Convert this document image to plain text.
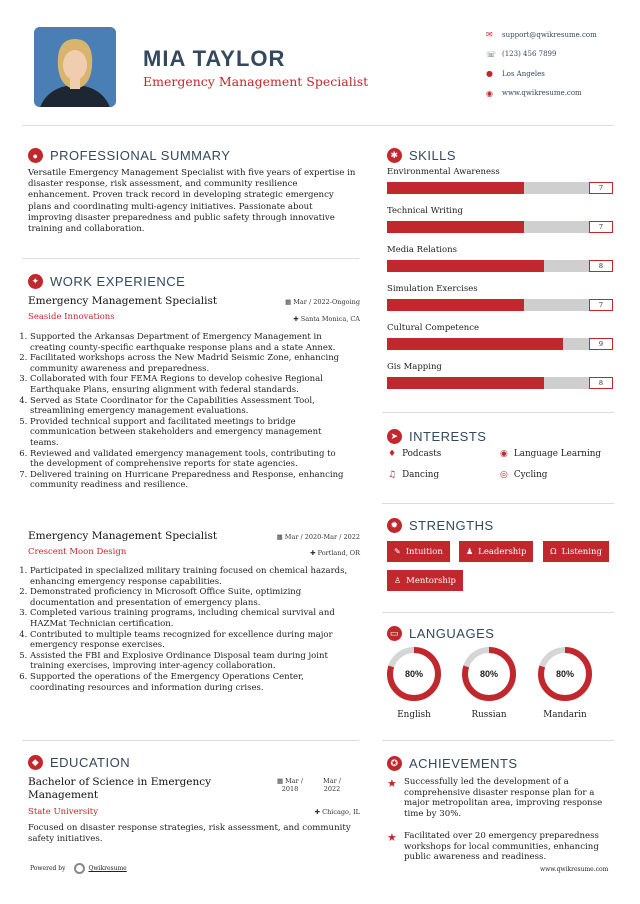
MIA TAYLOR
Emergency Management Specialist
✉	support@qwikresume.com
☏ (123) 456 7899
●	Los Angeles
◉	www.qwikresume.com
● PROFESSIONAL SUMMARY
Versatile Emergency Management Specialist with five years of expertise in
disaster response, risk assessment, and community resilience
enhancement. Proven track record in developing strategic emergency
plans and coordinating multi-agency initiatives. Passionate about
improving disaster preparedness and public safety through innovative
training and collaboration.
✦ WORK EXPERIENCE
Emergency Management Specialist
Seaside Innovations
▦ Mar / 2022-Ongoing
✚ Santa Monica, CA
1. Supported the Arkansas Department of Emergency Management in
creating county-specific earthquake response plans and a state Annex.
2. Facilitated workshops across the New Madrid Seismic Zone, enhancing
community awareness and preparedness.
3. Collaborated with four FEMA Regions to develop cohesive Regional
Earthquake Plans, ensuring alignment with federal standards.
4. Served as State Coordinator for the Capabilities Assessment Tool,
streamlining emergency management evaluations.
5. Provided technical support and facilitated meetings to bridge
communication between stakeholders and emergency management
teams.
6. Reviewed and validated emergency management tools, contributing to
the development of comprehensive reports for state agencies.
7. Delivered training on Hurricane Preparedness and Response, enhancing
community readiness and resilience.
Emergency Management Specialist
Crescent Moon Design
▦ Mar / 2020-Mar / 2022
✚ Portland, OR
1. Participated in specialized military training focused on chemical hazards,
enhancing emergency response capabilities.
2. Demonstrated proficiency in Microsoft Office Suite, optimizing
documentation and presentation of emergency plans.
3. Completed various training programs, including chemical survival and
HAZMat Technician certification.
4. Contributed to multiple teams recognized for excellence during major
emergency response exercises.
5. Assisted the FBI and Explosive Ordinance Disposal team during joint
training exercises, improving inter-agency collaboration.
6. Supported the operations of the Emergency Operations Center,
coordinating resources and information during crises.
◆ EDUCATION
Bachelor of Science in Emergency
Management
State University
▦ Mar /
2018
Mar /
2022
✚ Chicago, IL
Focused on disaster response strategies, risk assessment, and community
safety initiatives.
✱ SKILLS
Environmental Awareness
7
Technical Writing
7
Media Relations
8
Simulation Exercises
7
Cultural Competence
9
Gis Mapping
8
➤ INTERESTS
♦ Podcasts	◉ Language Learning
♫ Dancing	◎ Cycling
✹ STRENGTHS
✎ Intuition	♟ Leadership	Ω Listening
♙ Mentorship
▭ LANGUAGES
80%
English
80%
Russian
80%
Mandarin
✪ ACHIEVEMENTS
★ Successfully led the development of a
comprehensive disaster response plan for a
major metropolitan area, improving response
time by 30%.
★ Facilitated over 20 emergency preparedness
workshops for local communities, enhancing
public awareness and readiness.
Powered by	Qwikresume	www.qwikresume.com
